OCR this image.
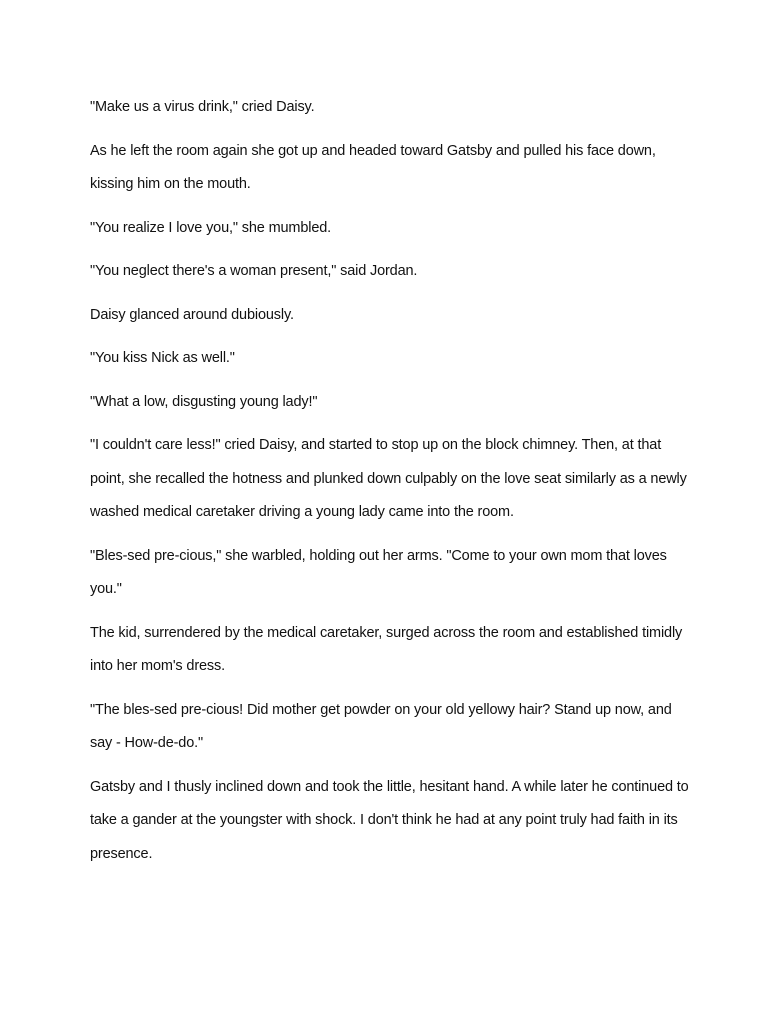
"Make us a virus drink," cried Daisy.

As he left the room again she got up and headed toward Gatsby and pulled his face down, kissing him on the mouth.

"You realize I love you," she mumbled.

"You neglect there's a woman present," said Jordan.

Daisy glanced around dubiously.

"You kiss Nick as well."

"What a low, disgusting young lady!"

"I couldn't care less!" cried Daisy, and started to stop up on the block chimney. Then, at that point, she recalled the hotness and plunked down culpably on the love seat similarly as a newly washed medical caretaker driving a young lady came into the room.

"Bles-sed pre-cious," she warbled, holding out her arms. "Come to your own mom that loves you."

The kid, surrendered by the medical caretaker, surged across the room and established timidly into her mom's dress.

"The bles-sed pre-cious! Did mother get powder on your old yellowy hair? Stand up now, and say - How-de-do."

Gatsby and I thusly inclined down and took the little, hesitant hand. A while later he continued to take a gander at the youngster with shock. I don't think he had at any point truly had faith in its presence.
